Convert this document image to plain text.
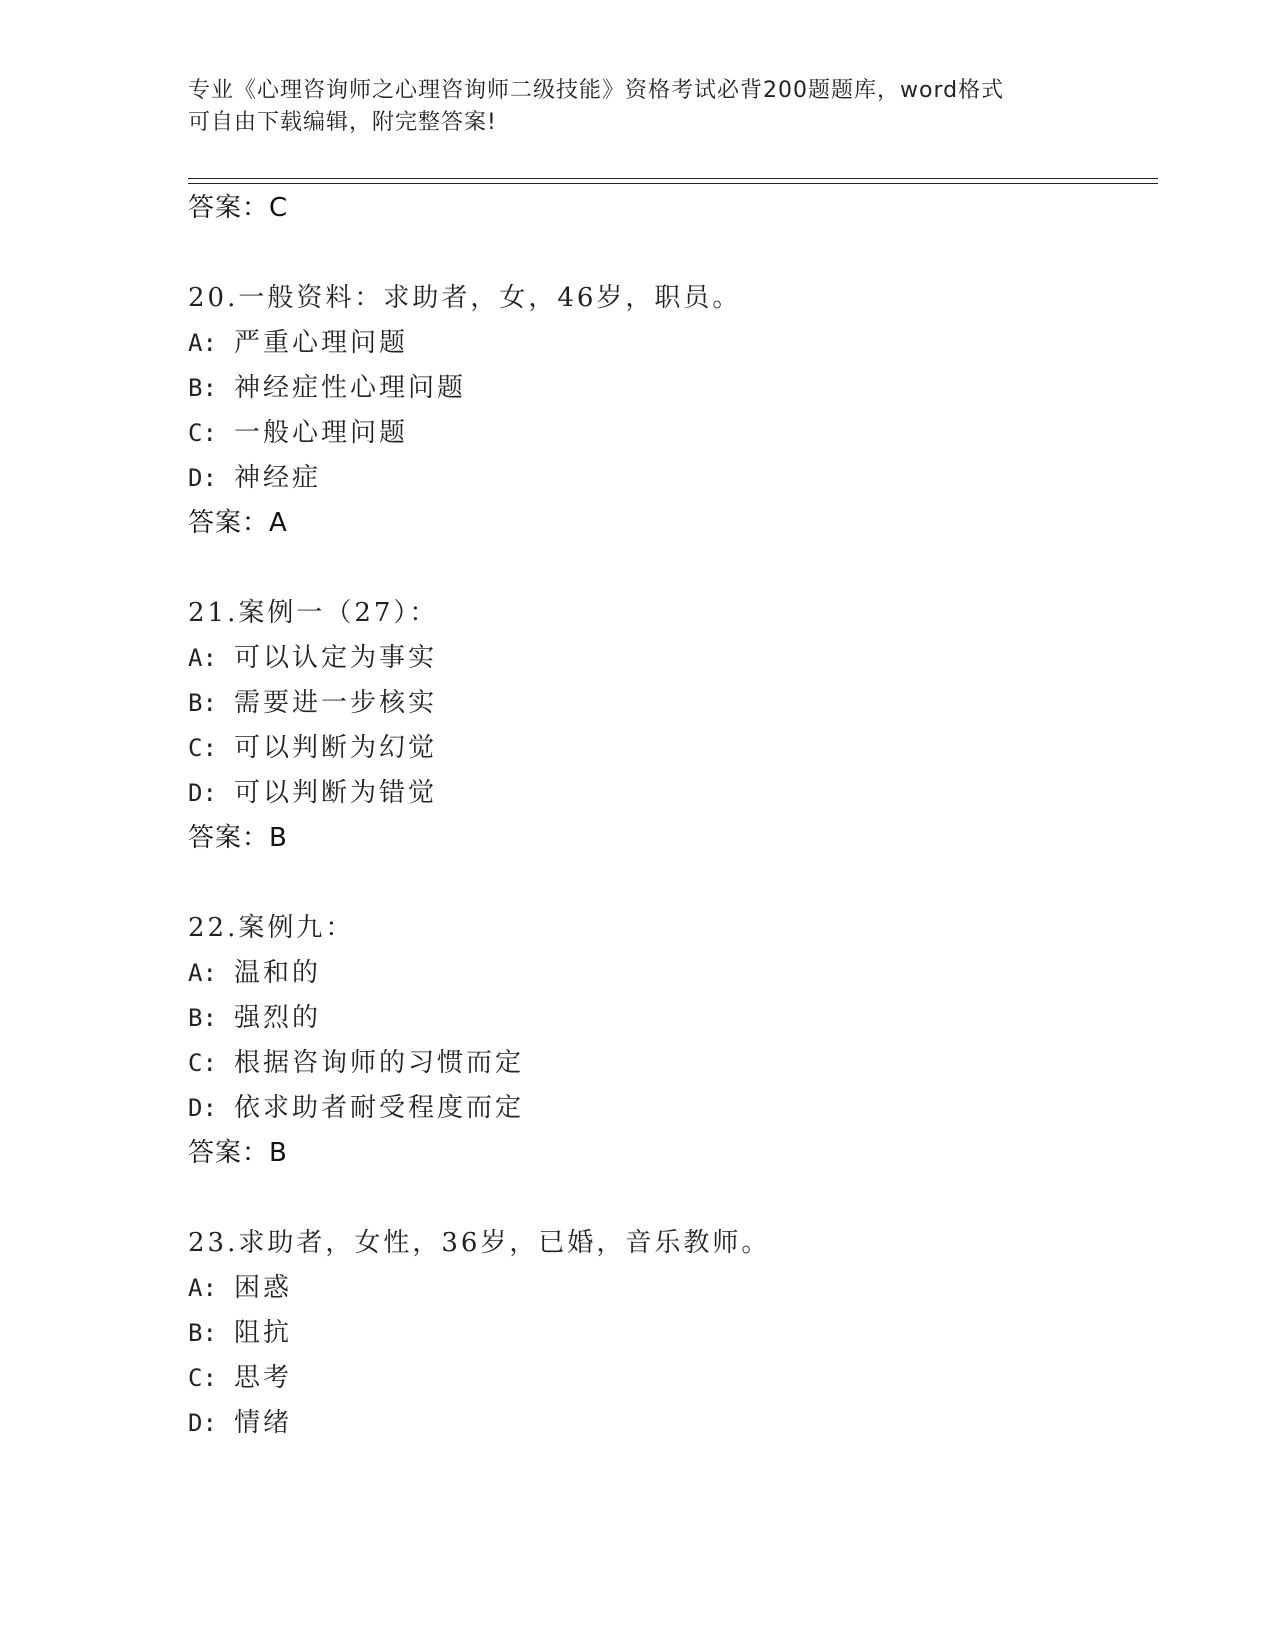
专业《心理咨询师之心理咨询师二级技能》资格考试必背200题题库，word格式
可自由下载编辑，附完整答案!
答案：C
20.一般资料：求助者，女，46岁，职员。
A: 严重心理问题
B: 神经症性心理问题
C: 一般心理问题
D: 神经症
答案：A
21.案例一（27）：
A: 可以认定为事实
B: 需要进一步核实
C: 可以判断为幻觉
D: 可以判断为错觉
答案：B
22.案例九：
A: 温和的
B: 强烈的
C: 根据咨询师的习惯而定
D: 依求助者耐受程度而定
答案：B
23.求助者，女性，36岁，已婚，音乐教师。
A: 困惑
B: 阻抗
C: 思考
D: 情绪
